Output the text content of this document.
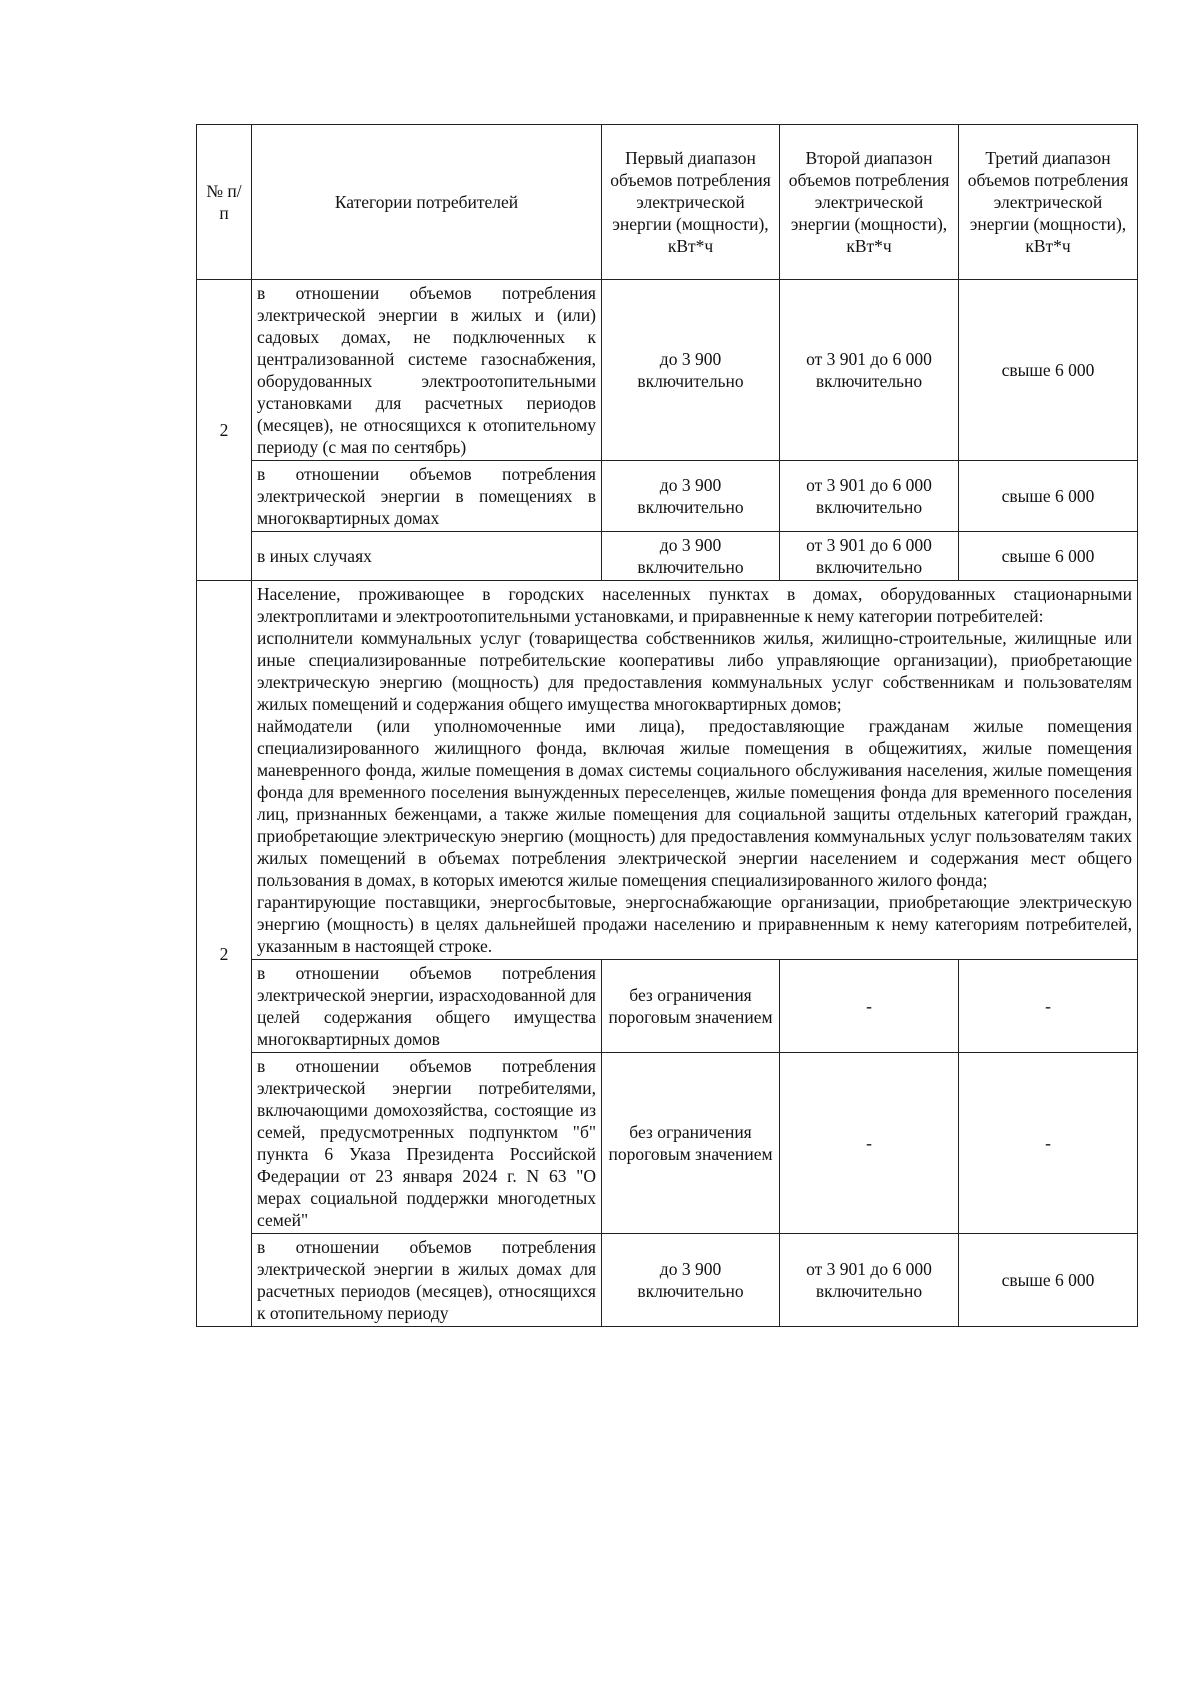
№ п/п	Категории потребителей	Первый диапазон объемов потребления электрической энергии (мощности), кВт*ч	Второй диапазон объемов потребления электрической энергии (мощности), кВт*ч	Третий диапазон объемов потребления электрической энергии (мощности), кВт*ч
2	в отношении объемов потребления электрической энергии в жилых и (или) садовых домах, не подключенных к централизованной системе газоснабжения, оборудованных электроотопительными установками для расчетных периодов (месяцев), не относящихся к отопительному периоду (с мая по сентябрь)	до 3 900 включительно	от 3 901 до 6 000 включительно	свыше 6 000
	в отношении объемов потребления электрической энергии в помещениях в многоквартирных домах	до 3 900 включительно	от 3 901 до 6 000 включительно	свыше 6 000
	в иных случаях	до 3 900 включительно	от 3 901 до 6 000 включительно	свыше 6 000
2	Население, проживающее в городских населенных пунктах в домах, оборудованных стационарными электроплитами и электроотопительными установками, и приравненные к нему категории потребителей:

исполнители коммунальных услуг (товарищества собственников жилья, жилищно-строительные, жилищные или иные специализированные потребительские кооперативы либо управляющие организации), приобретающие электрическую энергию (мощность) для предоставления коммунальных услуг собственникам и пользователям жилых помещений и содержания общего имущества многоквартирных домов;

наймодатели (или уполномоченные ими лица), предоставляющие гражданам жилые помещения специализированного жилищного фонда, включая жилые помещения в общежитиях, жилые помещения маневренного фонда, жилые помещения в домах системы социального обслуживания населения, жилые помещения фонда для временного поселения вынужденных переселенцев, жилые помещения фонда для временного поселения лиц, признанных беженцами, а также жилые помещения для социальной защиты отдельных категорий граждан, приобретающие электрическую энергию (мощность) для предоставления коммунальных услуг пользователям таких жилых помещений в объемах потребления электрической энергии населением и содержания мест общего пользования в домах, в которых имеются жилые помещения специализированного жилого фонда;

гарантирующие поставщики, энергосбытовые, энергоснабжающие организации, приобретающие электрическую энергию (мощность) в целях дальнейшей продажи населению и приравненным к нему категориям потребителей, указанным в настоящей строке.			

	в отношении объемов потребления электрической энергии, израсходованной для целей содержания общего имущества многоквартирных домов	без ограничения пороговым значением	-	-
	в отношении объемов потребления электрической энергии потребителями, включающими домохозяйства, состоящие из семей, предусмотренных подпунктом "б" пункта 6 Указа Президента Российской Федерации от 23 января 2024 г. N 63 "О мерах социальной поддержки многодетных семей"	без ограничения пороговым значением	-	-
	в отношении объемов потребления электрической энергии в жилых домах для расчетных периодов (месяцев), относящихся к отопительному периоду	до 3 900 включительно	от 3 901 до 6 000 включительно	свыше 6 000
